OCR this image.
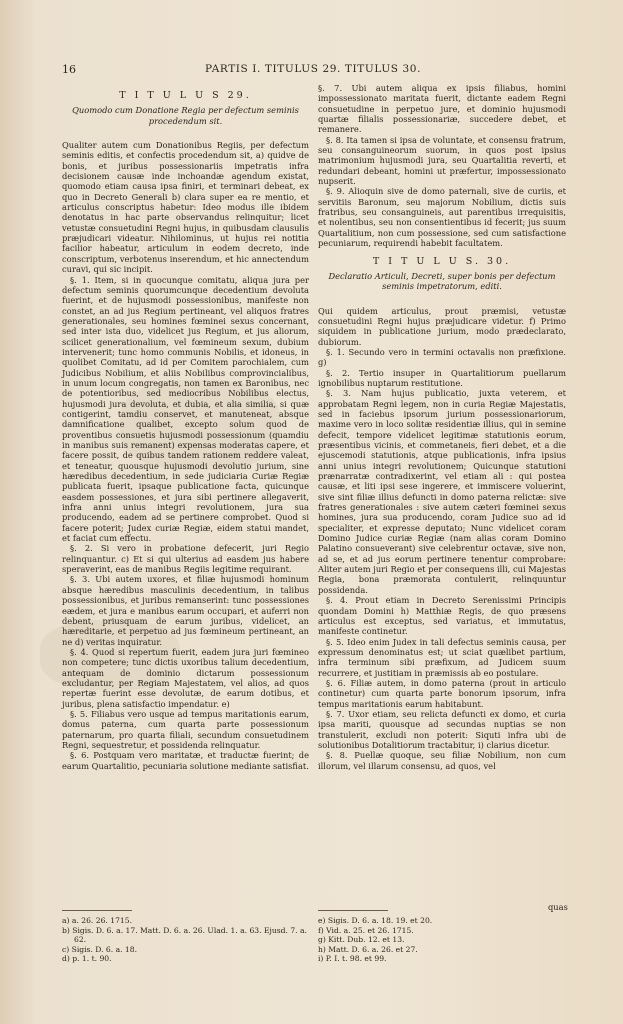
16	PARTIS I. TITULUS 29. TITULUS 30.
T I T U L U S 29.
Quomodo cum Donatione Regia per defectum seminis procedendum sit.

Qualiter autem cum Donationibus Regiis, per defectum seminis editis, et confectis procedendum sit, a) quidve de bonis, et juribus possessionariis impetratis infra decisionem causæ inde inchoandæ agendum existat, quomodo etiam causa ipsa finiri, et terminari debeat, ex quo in Decreto Generali b) clara super ea re mentio, et articulus conscriptus habetur: Ideo modus ille ibidem denotatus in hac parte observandus relinquitur; licet vetustæ consuetudini Regni hujus, in quibusdam clausulis præjudicari videatur. Nihilominus, ut hujus rei notitia facilior habeatur, articulum in eodem decreto, inde conscriptum, verbotenus inserendum, et hic annectendum curavi, qui sic incipit.

§. 1. Item, si in quocunque comitatu, aliqua jura per defectum seminis quorumcunque decedentium devoluta fuerint, et de hujusmodi possessionibus, manifeste non constet, an ad jus Regium pertineant, vel aliquos fratres generationales, seu homines fœminei sexus concernant, sed inter ista duo, videlicet jus Regium, et jus aliorum, scilicet generationalium, vel fœmineum sexum, dubium intervenerit; tunc homo communis Nobilis, et idoneus, in quolibet Comitatu, ad id per Comitem parochialem, cum Judicibus Nobilium, et aliis Nobilibus comprovincialibus, in unum locum congregatis, non tamen ex Baronibus, nec de potentioribus, sed mediocribus Nobilibus electus, hujusmodi jura devoluta, et dubia, et alia similia, si quæ contigerint, tamdiu conservet, et manuteneat, absque damnificatione qualibet, excepto solum quod de proventibus consuetis hujusmodi possessionum (quamdiu in manibus suis remanent) expensas moderatas capere, et facere possit, de quibus tandem rationem reddere valeat, et teneatur, quousque hujusmodi devolutio jurium, sine hæredibus decedentium, in sede judiciaria Curiæ Regiæ publicata fuerit, ipsaque publicatione facta, quicunque easdem possessiones, et jura sibi pertinere allegaverit, infra anni unius integri revolutionem, jura sua producendo, eadem ad se pertinere comprobet. Quod si facere poterit; Judex curiæ Regiæ, eidem statui mandet, et faciat cum effectu.

§. 2. Si vero in probatione defecerit, juri Regio relinquantur. c) Et si qui ulterius ad easdem jus habere speraverint, eas de manibus Regiis legitime requirant.

§. 3. Ubi autem uxores, et filiæ hujusmodi hominum absque hæredibus masculinis decedentium, in talibus possessionibus, et juribus remanserint: tunc possessiones eædem, et jura e manibus earum occupari, et auferri non debent, priusquam de earum juribus, videlicet, an hæreditarie, et perpetuo ad jus fœmineum pertineant, an ne d) veritas inquiratur.

§. 4. Quod si repertum fuerit, eadem jura juri fœmineo non competere; tunc dictis uxoribus talium decedentium, antequam de dominio dictarum possessionum excludantur, per Regiam Majestatem, vel alios, ad quos repertæ fuerint esse devolutæ, de earum dotibus, et juribus, plena satisfactio impendatur. e)

§. 5. Filiabus vero usque ad tempus maritationis earum, domus paterna, cum quarta parte possessionum paternarum, pro quarta filiali, secundum consuetudinem Regni, sequestretur, et possidenda relinquatur.

§. 6. Postquam vero maritatæ, et traductæ fuerint; de earum Quartalitio, pecuniaria solutione mediante satisfiat.

§. 7. Ubi autem aliqua ex ipsis filiabus, homini impossessionato maritata fuerit, dictante eadem Regni consuetudine in perpetuo jure, et dominio hujusmodi quartæ filialis possessionariæ, succedere debet, et remanere.

§. 8. Ita tamen si ipsa de voluntate, et consensu fratrum, seu consanguineorum suorum, in quos post ipsius matrimonium hujusmodi jura, seu Quartalitia reverti, et redundari debeant, homini ut præfertur, impossessionato nupserit.

§. 9. Alioquin sive de domo paternali, sive de curiis, et servitiis Baronum, seu majorum Nobilium, dictis suis fratribus, seu consanguineis, aut parentibus irrequisitis, et nolentibus, seu non consentientibus id fecerit; jus suum Quartalitium, non cum possessione, sed cum satisfactione pecuniarum, requirendi habebit facultatem.

T I T U L U S. 30.
Declaratio Articuli, Decreti, super bonis per defectum seminis impetratorum, editi.

Qui quidem articulus, prout præmisi, vetustæ consuetudini Regni hujus præjudicare videtur. f) Primo siquidem in publicatione jurium, modo prædeclarato, dubiorum.

§. 1. Secundo vero in termini octavalis non præfixione. g)

§. 2. Tertio insuper in Quartalitiorum puellarum ignobilibus nuptarum restitutione.

§. 3. Nam hujus publicatio, juxta veterem, et approbatam Regni legem, non in curia Regiæ Majestatis, sed in faciebus ipsorum jurium possessionariorum, maxime vero in loco solitæ residentiæ illius, qui in semine defecit, tempore videlicet legitimæ statutionis eorum, præsentibus vicinis, et commetaneis, fieri debet, et a die ejuscemodi statutionis, atque publicationis, infra ipsius anni unius integri revolutionem; Quicunque statutioni prænarratæ contradixerint, vel etiam ali : qui postea causæ, et liti ipsi sese ingerere, et immiscere voluerint, sive sint filiæ illius defuncti in domo paterna relictæ: sive fratres generationales : sive autem cæteri fœminei sexus homines, jura sua producendo, coram Judice suo ad id specialiter, et expresse deputato; Nunc videlicet coram Domino Judice curiæ Regiæ (nam alias coram Domino Palatino consueverant) sive celebrentur octavæ, sive non, ad se, et ad jus eorum pertinere tenentur comprobare: Aliter autem juri Regio et per consequens illi, cui Majestas Regia, bona præmorata contulerit, relinquuntur possidenda.

§. 4. Prout etiam in Decreto Serenissimi Principis quondam Domini h) Matthiæ Regis, de quo præsens articulus est exceptus, sed variatus, et immutatus, manifeste continetur.

§. 5. Ideo enim Judex in tali defectus seminis causa, per expressum denominatus est; ut sciat quælibet partium, infra terminum sibi præfixum, ad Judicem suum recurrere, et justitiam in præmissis ab eo postulare.

§. 6. Filiæ autem, in domo paterna (prout in articulo continetur) cum quarta parte bonorum ipsorum, infra tempus maritationis earum habitabunt.

§. 7. Uxor etiam, seu relicta defuncti ex domo, et curia ipsa mariti, quousque ad secundas nuptias se non transtulerit, excludi non poterit: Siquti infra ubi de solutionibus Dotalitiorum tractabitur, i) clarius dicetur.

§. 8. Puellæ quoque, seu filiæ Nobilium, non cum illorum, vel illarum consensu, ad quos, vel

quas

a) a. 26. 26. 1715.

b) Sigis. D. 6. a. 17. Matt. D. 6. a. 26. Ulad. 1. a. 63. Ejusd. 7. a. 62.

c) Sigis. D. 6. a. 18.

d) p. 1. t. 90.

e) Sigis. D. 6. a. 18. 19. et 20.

f) Vid. a. 25. et 26. 1715.

g) Kitt. Dub. 12. et 13.

h) Matt. D. 6. a. 26. et 27.

i) P. I. t. 98. et 99.
